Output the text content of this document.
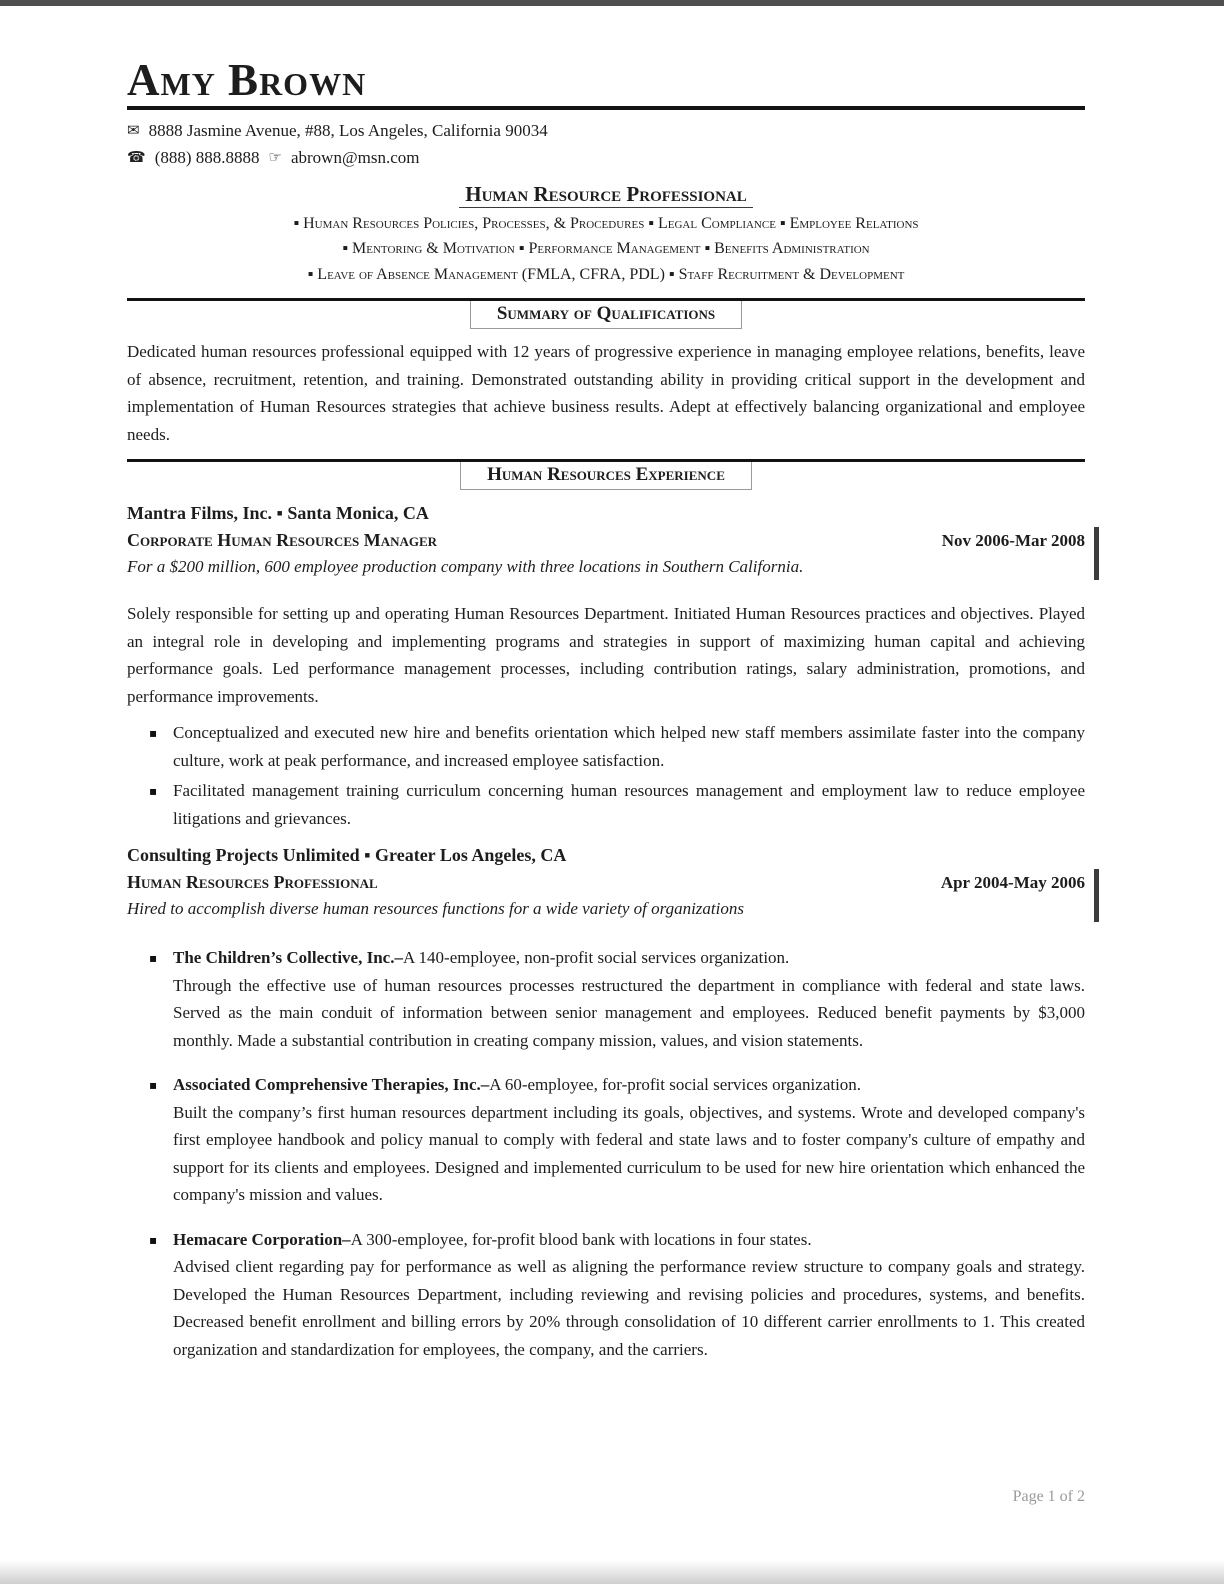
Amy Brown
✉ 8888 Jasmine Avenue, #88, Los Angeles, California 90034
☎ (888) 888.8888 ☞ abrown@msn.com
Human Resource Professional
▪ Human Resources Policies, Processes, & Procedures ▪ Legal Compliance ▪ Employee Relations
▪ Mentoring & Motivation ▪ Performance Management ▪ Benefits Administration
▪ Leave of Absence Management (FMLA, CFRA, PDL) ▪ Staff Recruitment & Development
Summary of Qualifications

Dedicated human resources professional equipped with 12 years of progressive experience in managing employee relations, benefits, leave of absence, recruitment, retention, and training. Demonstrated outstanding ability in providing critical support in the development and implementation of Human Resources strategies that achieve business results. Adept at effectively balancing organizational and employee needs.

Human Resources Experience
Mantra Films, Inc. ▪ Santa Monica, CA
Corporate Human Resources Manager	Nov 2006-Mar 2008
For a $200 million, 600 employee production company with three locations in Southern California.

Solely responsible for setting up and operating Human Resources Department. Initiated Human Resources practices and objectives. Played an integral role in developing and implementing programs and strategies in support of maximizing human capital and achieving performance goals. Led performance management processes, including contribution ratings, salary administration, promotions, and performance improvements.

▪ Conceptualized and executed new hire and benefits orientation which helped new staff members assimilate faster into the company culture, work at peak performance, and increased employee satisfaction.
▪ Facilitated management training curriculum concerning human resources management and employment law to reduce employee litigations and grievances.
Consulting Projects Unlimited ▪ Greater Los Angeles, CA
Human Resources Professional	Apr 2004-May 2006
Hired to accomplish diverse human resources functions for a wide variety of organizations
▪ The Children’s Collective, Inc.–A 140-employee, non-profit social services organization.
Through the effective use of human resources processes restructured the department in compliance with federal and state laws. Served as the main conduit of information between senior management and employees. Reduced benefit payments by $3,000 monthly. Made a substantial contribution in creating company mission, values, and vision statements.
▪ Associated Comprehensive Therapies, Inc.–A 60-employee, for-profit social services organization.
Built the company’s first human resources department including its goals, objectives, and systems. Wrote and developed company's first employee handbook and policy manual to comply with federal and state laws and to foster company's culture of empathy and support for its clients and employees. Designed and implemented curriculum to be used for new hire orientation which enhanced the company's mission and values.
▪ Hemacare Corporation–A 300-employee, for-profit blood bank with locations in four states.
Advised client regarding pay for performance as well as aligning the performance review structure to company goals and strategy. Developed the Human Resources Department, including reviewing and revising policies and procedures, systems, and benefits. Decreased benefit enrollment and billing errors by 20% through consolidation of 10 different carrier enrollments to 1. This created organization and standardization for employees, the company, and the carriers.
Page 1 of 2
